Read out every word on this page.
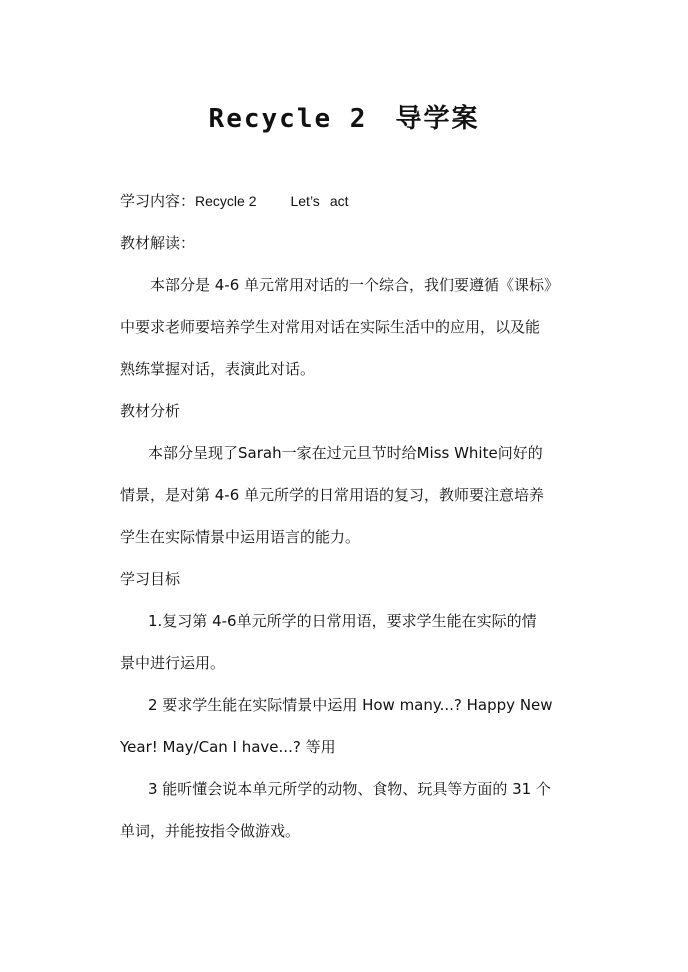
Recycle 2 导学案
学习内容：Recycle 2 Let’s act
教材解读：
本部分是 4-6 单元常用对话的一个综合，我们要遵循《课标》
中要求老师要培养学生对常用对话在实际生活中的应用，以及能
熟练掌握对话，表演此对话。
教材分析
本部分呈现了Sarah一家在过元旦节时给Miss White问好的
情景，是对第 4-6 单元所学的日常用语的复习，教师要注意培养
学生在实际情景中运用语言的能力。
学习目标
1.复习第 4-6单元所学的日常用语，要求学生能在实际的情
景中进行运用。
2 要求学生能在实际情景中运用 How many...? Happy New
Year! May/Can I have...? 等用
3 能听懂会说本单元所学的动物、食物、玩具等方面的 31 个
单词，并能按指令做游戏。
